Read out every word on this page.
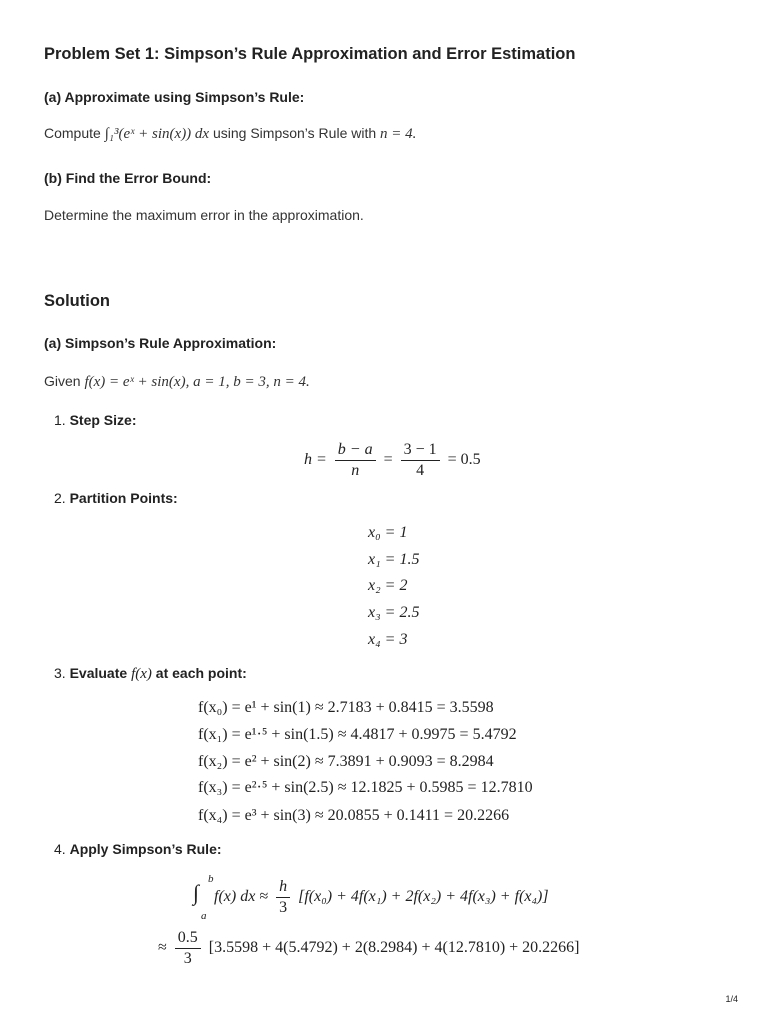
Problem Set 1: Simpson’s Rule Approximation and Error Estimation
(a) Approximate using Simpson’s Rule:
Compute ∫₁³(eˣ + sin(x)) dx using Simpson’s Rule with n = 4.
(b) Find the Error Bound:
Determine the maximum error in the approximation.
Solution
(a) Simpson’s Rule Approximation:
Given f(x) = eˣ + sin(x), a = 1, b = 3, n = 4.
1. Step Size:
$h = \frac{b - a}{n} = \frac{3 - 1}{4} = 0.5$
2. Partition Points:
x₀ = 1
x₁ = 1.5
x₂ = 2
x₃ = 2.5
x₄ = 3
3. Evaluate f(x) at each point:
f(x₀) = e¹ + sin(1) ≈ 2.7183 + 0.8415 = 3.5598
f(x₁) = e¹·⁵ + sin(1.5) ≈ 4.4817 + 0.9975 = 5.4792
f(x₂) = e² + sin(2) ≈ 7.3891 + 0.9093 = 8.2984
f(x₃) = e²·⁵ + sin(2.5) ≈ 12.1825 + 0.5985 = 12.7810
f(x₄) = e³ + sin(3) ≈ 20.0855 + 0.1411 = 20.2266
4. Apply Simpson’s Rule:
b
∫
a
f(x) dx ≈ $\frac{h}{3} [f(x_0) + 4f(x_1) + 2f(x_2) + 4f(x_3) + f(x_4)]$
≈ $\frac{0.5}{3} [3.5598 + 4(5.4792) + 2(8.2984) + 4(12.7810) + 20.2266]$
1/4
